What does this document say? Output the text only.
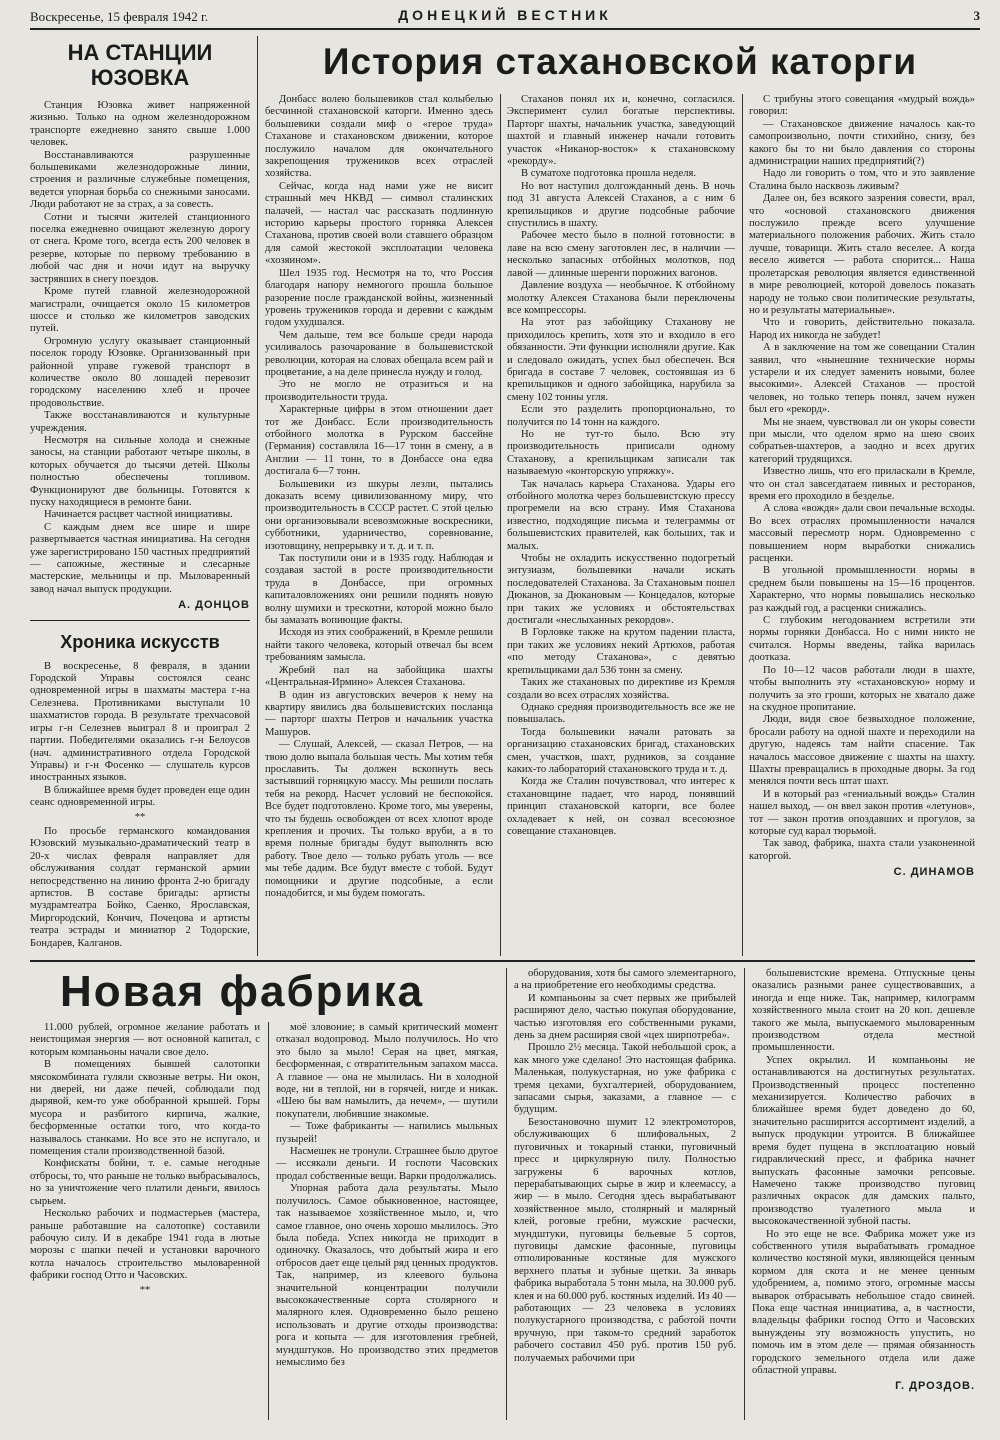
Воскресенье, 15 февраля 1942 г.	ДОНЕЦКИЙ ВЕСТНИК	3
НА СТАНЦИИ ЮЗОВКА

Станция Юзовка живет напряженной жизнью. Только на одном железнодорожном транспорте ежедневно занято свыше 1.000 человек.

Восстанавливаются разрушенные большевиками железнодорожные линии, строения и различные служебные помещения, ведется упорная борьба со снежными заносами. Люди работают не за страх, а за совесть.

Сотни и тысячи жителей станционного поселка ежедневно очищают железную дорогу от снега. Кроме того, всегда есть 200 человек в резерве, которые по первому требованию в любой час дня и ночи идут на выручку застрявших в снегу поездов.

Кроме путей главной железнодорожной магистрали, очищается около 15 километров шоссе и столько же километров заводских путей.

Огромную услугу оказывает станционный поселок городу Юзовке. Организованный при районной управе гужевой транспорт в количестве около 80 лошадей перевозит городскому населению хлеб и прочее продовольствие.

Также восстанавливаются и культурные учреждения.

Несмотря на сильные холода и снежные заносы, на станции работают четыре школы, в которых обучается до тысячи детей. Школы полностью обеспечены топливом. Функционируют две больницы. Готовятся к пуску находящиеся в ремонте бани.

Начинается расцвет частной инициативы.

С каждым днем все шире и шире развертывается частная инициатива. На сегодня уже зарегистрировано 150 частных предприятий — сапожные, жестяные и слесарные мастерские, мельницы и пр. Мыловаренный завод начал выпуск продукции.

А. ДОНЦОВ
Хроника искусств

В воскресенье, 8 февраля, в здании Городской Управы состоялся сеанс одновременной игры в шахматы мастера г-на Селезнева. Противниками выступали 10 шахматистов города. В результате трехчасовой игры г-н Селезнев выиграл 8 и проиграл 2 партии. Победителями оказались г-н Белоусов (нач. административного отдела Городской Управы) и г-н Фосенко — слушатель курсов иностранных языков.

В ближайшее время будет проведен еще один сеанс одновременной игры.

**

По просьбе германского командования Юзовский музыкально-драматический театр в 20-х числах февраля направляет для обслуживания солдат германской армии непосредственно на линию фронта 2-ю бригаду артистов. В составе бригады: артисты муздрамтеатра Бойко, Саенко, Ярославская, Миргородский, Кончич, Почецова и артисты театра эстрады и миниатюр 2 Тодорские, Бондарев, Калганов.

История стахановской каторги

Донбасс волею большевиков стал колыбелью бесчинной стахановской каторги. Именно здесь большевики создали миф о «герое труда» Стаханове и стахановском движении, которое послужило началом для окончательного закрепощения тружеников всех отраслей хозяйства.

Сейчас, когда над нами уже не висит страшный меч НКВД — символ сталинских палачей, — настал час рассказать подлинную историю карьеры простого горняка Алексея Стаханова, против своей воли ставшего образцом для самой жестокой эксплоатации человека «хозяином».

Шел 1935 год. Несмотря на то, что Россия благодаря напору немногого прошла большое разорение после гражданской войны, жизненный уровень тружеников города и деревни с каждым годом ухудшался.

Чем дальше, тем все больше среди народа усиливалось разочарование в большевистской революции, которая на словах обещала всем рай и процветание, а на деле принесла нужду и голод.

Это не могло не отразиться и на производительности труда.

Характерные цифры в этом отношении дает тот же Донбасс. Если производительность отбойного молотка в Рурском бассейне (Германия) составляла 16—17 тонн в смену, а в Англии — 11 тонн, то в Донбассе она едва достигала 6—7 тонн.

Большевики из шкуры лезли, пытались доказать всему цивилизованному миру, что производительность в СССР растет. С этой целью они организовывали всевозможные воскресники, субботники, ударничество, соревнование, изотовщину, непрерывку и т. д. и т. п.

Так поступили они и в 1935 году. Наблюдая и создавая застой в росте производительности труда в Донбассе, при огромных капиталовложениях они решили поднять новую волну шумихи и трескотни, которой можно было бы замазать вопиющие факты.

Исходя из этих соображений, в Кремле решили найти такого человека, который отвечал бы всем требованиям замысла.

Жребий пал на забойщика шахты «Центральная-Ирмино» Алексея Стаханова.

В один из августовских вечеров к нему на квартиру явились два большевистских посланца — парторг шахты Петров и начальник участка Машуров.

— Слушай, Алексей, — сказал Петров, — на твою долю выпала большая честь. Мы хотим тебя прославить. Ты должен вскопнуть весь застывший горняцкую массу. Мы решили послать тебя на рекорд. Насчет условий не беспокойся. Все будет подготовлено. Кроме того, мы уверены, что ты будешь освобожден от всех хлопот вроде крепления и прочих. Ты только вруби, а в то время полные бригады будут выполнять всю работу. Твое дело — только рубать уголь — все мы тебе дадим. Все будут вместе с тобой. Будут помощники и другие подсобные, а если понадобится, и мы будем помогать.

Стаханов понял их и, конечно, согласился. Эксперимент сулил богатые перспективы. Парторг шахты, начальник участка, заведующий шахтой и главный инженер начали готовить участок «Никанор-восток» к стахановскому «рекорду».

В суматохе подготовка прошла неделя.

Но вот наступил долгожданный день. В ночь под 31 августа Алексей Стаханов, а с ним 6 крепильщиков и другие подсобные рабочие спустились в шахту.

Рабочее место было в полной готовности: в лаве на всю смену заготовлен лес, в наличии — несколько запасных отбойных молотков, под лавой — длинные шеренги порожних вагонов.

Давление воздуха — необычное. К отбойному молотку Алексея Стаханова были переключены все компрессоры.

На этот раз забойщику Стаханову не приходилось крепить, хотя это и входило в его обязанности. Эти функции исполняли другие. Как и следовало ожидать, успех был обеспечен. Вся бригада в составе 7 человек, состоявшая из 6 крепильщиков и одного забойщика, нарубила за смену 102 тонны угля.

Если это разделить пропорционально, то получится по 14 тонн на каждого.

Но не тут-то было. Всю эту производительность приписали одному Стаханову, а крепильщикам записали так называемую «конторскую упряжку».

Так началась карьера Стаханова. Удары его отбойного молотка через большевистскую прессу прогремели на всю страну. Имя Стаханова известно, подходящие письма и телеграммы от большевистских правителей, как больших, так и малых.

Чтобы не охладить искусственно подогретый энтузиазм, большевики начали искать последователей Стаханова. За Стахановым пошел Дюканов, за Дюкановым — Концедалов, которые при таких же условиях и обстоятельствах достигали «неслыханных рекордов».

В Горловке также на крутом падении пласта, при таких же условиях некий Артюхов, работая «по методу Стаханова», с девятью крепильщиками дал 536 тонн за смену.

Таких же стахановых по директиве из Кремля создали во всех отраслях хозяйства.

Однако средняя производительность все же не повышалась.

Тогда большевики начали ратовать за организацию стахановских бригад, стахановских смен, участков, шахт, рудников, за создание каких-то лабораторий стахановского труда и т. д.

Когда же Сталин почувствовал, что интерес к стахановщине падает, что народ, понявший принцип стахановской каторги, все более охладевает к ней, он созвал всесоюзное совещание стахановцев.

С трибуны этого совещания «мудрый вождь» говорил:

— Стахановское движение началось как-то самопроизвольно, почти стихийно, снизу, без какого бы то ни было давления со стороны администрации наших предприятий(?)

Надо ли говорить о том, что и это заявление Сталина было насквозь лживым?

Далее он, без всякого зазрения совести, врал, что «основой стахановского движения послужило прежде всего улучшение материального положения рабочих. Жить стало лучше, товарищи. Жить стало веселее. А когда весело живется — работа спорится... Наша пролетарская революция является единственной в мире революцией, которой довелось показать народу не только свои политические результаты, но и результаты материальные».

Что и говорить, действительно показала. Народ их никогда не забудет!

А в заключение на том же совещании Сталин заявил, что «нынешние технические нормы устарели и их следует заменить новыми, более высокими». Алексей Стаханов — простой человек, но только теперь понял, зачем нужен был его «рекорд».

Мы не знаем, чувствовал ли он укоры совести при мысли, что оделом ярмо на шею своих собратьев-шахтеров, а заодно и всех других категорий трудящихся.

Известно лишь, что его приласкали в Кремле, что он стал завсегдатаем пивных и ресторанов, время его проходило в безделье.

А слова «вождя» дали свои печальные всходы. Во всех отраслях промышленности начался массовый пересмотр норм. Одновременно с повышением норм выработки снижались расценки.

В угольной промышленности нормы в среднем были повышены на 15—16 процентов. Характерно, что нормы повышались несколько раз каждый год, а расценки снижались.

С глубоким негодованием встретили эти нормы горняки Донбасса. Но с ними никто не считался. Нормы введены, тайка варилась доотказа.

По 10—12 часов работали люди в шахте, чтобы выполнить эту «стахановскую» норму и получить за это гроши, которых не хватало даже на скудное пропитание.

Люди, видя свое безвыходное положение, бросали работу на одной шахте и переходили на другую, надеясь там найти спасение. Так началось массовое движение с шахты на шахту. Шахты превращались в проходные дворы. За год менялся почти весь штат шахт.

И в который раз «гениальный вождь» Сталин нашел выход, — он ввел закон против «летунов», тот — закон против опоздавших и прогулов, за которые суд карал тюрьмой.

Так завод, фабрика, шахта стали узаконенной каторгой.

С. ДИНАМОВ
Новая фабрика

11.000 рублей, огромное желание работать и неистощимая энергия — вот основной капитал, с которым компаньоны начали свое дело.

В помещениях бывшей салотопки мясокомбината гуляли сквозные ветры. Ни окон, ни дверей, ни даже печей, соблюдали под дырявой, кем-то уже обобранной крышей. Горы мусора и разбитого кирпича, жалкие, бесформенные остатки того, что когда-то называлось станками. Но все это не испугало, и помещения стали производственной базой.

Конфискаты бойни, т. е. самые негодные отбросы, то, что раньше не только выбрасывалось, но за уничтожение чего платили деньги, явилось сырьем.

Несколько рабочих и подмастерьев (мастера, раньше работавшие на салотопке) составили рабочую силу. И в декабре 1941 года в лютые морозы с шапки печей и установки варочного котла началось строительство мыловаренной фабрики господ Отто и Часовских.

**

моё зловоние; в самый критический момент отказал водопровод. Мыло получилось. Но что это было за мыло! Серая на цвет, мягкая, бесформенная, с отвратительным запахом масса. А главное — она не мылилась. Ни в холодной воде, ни в теплой, ни в горячей, нигде и никак. «Шею бы вам намылить, да нечем», — шутили покупатели, любившие знакомые.

— Тоже фабриканты — напились мыльных пузырей!

Насмешек не тронули. Страшнее было другое — иссякали деньги. И госпоти Часовских продал собственные вещи. Варки продолжались.

Упорная работа дала результаты. Мыло получилось. Самое обыкновенное, настоящее, так называемое хозяйственное мыло, и, что самое главное, оно очень хорошо мылилось. Это была победа. Успех никогда не приходит в одиночку. Оказалось, что добытый жира и его отбросов дает еще целый ряд ценных продуктов. Так, например, из клеевого бульона значительной концентрации получили высококачественные сорта столярного и малярного клея. Одновременно было решено использовать и другие отходы производства: рога и копыта — для изготовления гребней, мундштуков. Но производство этих предметов немыслимо без

оборудования, хотя бы самого элементарного, а на приобретение его необходимы средства.

И компаньоны за счет первых же прибылей расширяют дело, частью покупая оборудование, частью изготовляя его собственными руками, день за днем расширяя свой «цех ширпотреба».

Прошло 2½ месяца. Такой небольшой срок, а как много уже сделано! Это настоящая фабрика. Маленькая, полукустарная, но уже фабрика с тремя цехами, бухгалтерией, оборудованием, запасами сырья, заказами, а главное — с будущим.

Безостановочно шумит 12 электромоторов, обслуживающих 6 шлифовальных, 2 пуговичных и токарный станки, пуговичный пресс и циркулярную пилу. Полностью загружены 6 варочных котлов, перерабатывающих сырье в жир и клеемассу, а жир — в мыло. Сегодня здесь вырабатывают хозяйственное мыло, столярный и малярный клей, роговые гребни, мужские расчески, мундштуки, пуговицы бельевые 5 сортов, пуговицы дамские фасонные, пуговицы отполированные костяные для мужского верхнего платья и зубные щетки. За январь фабрика выработала 5 тонн мыла, на 30.000 руб. клея и на 60.000 руб. костяных изделий. Из 40 — работающих — 23 человека в условиях полукустарного производства, с работой почти вручную, при таком-то средний заработок рабочего составил 450 руб. против 150 руб. получаемых рабочими при

большевистские времена. Отпускные цены оказались разными ранее существовавших, а иногда и еще ниже. Так, например, килограмм хозяйственного мыла стоит на 20 коп. дешевле такого же мыла, выпускаемого мыловаренным производством отдела местной промышленности.

Успех окрылил. И компаньоны не останавливаются на достигнутых результатах. Производственный процесс постепенно механизируется. Количество рабочих в ближайшее время будет доведено до 60, значительно расширится ассортимент изделий, а выпуск продукции утроится. В ближайшее время будет пущена в эксплоатацию новый гидравлический пресс, и фабрика начнет выпускать фасонные замочки репсовые. Намечено также производство пуговиц различных окрасок для дамских пальто, производство туалетного мыла и высококачественной зубной пасты.

Но это еще не все. Фабрика может уже из собственного утиля вырабатывать громадное количество костяной муки, являющейся ценным кормом для скота и не менее ценным удобрением, а, помимо этого, огромные массы выварок отбрасывать небольшое стадо свиней. Пока еще частная инициатива, а, в частности, владельцы фабрики господ Отто и Часовских вынуждены эту возможность упустить, но помочь им в этом деле — прямая обязанность городского земельного отдела или даже областной управы.

Г. ДРОЗДОВ.
